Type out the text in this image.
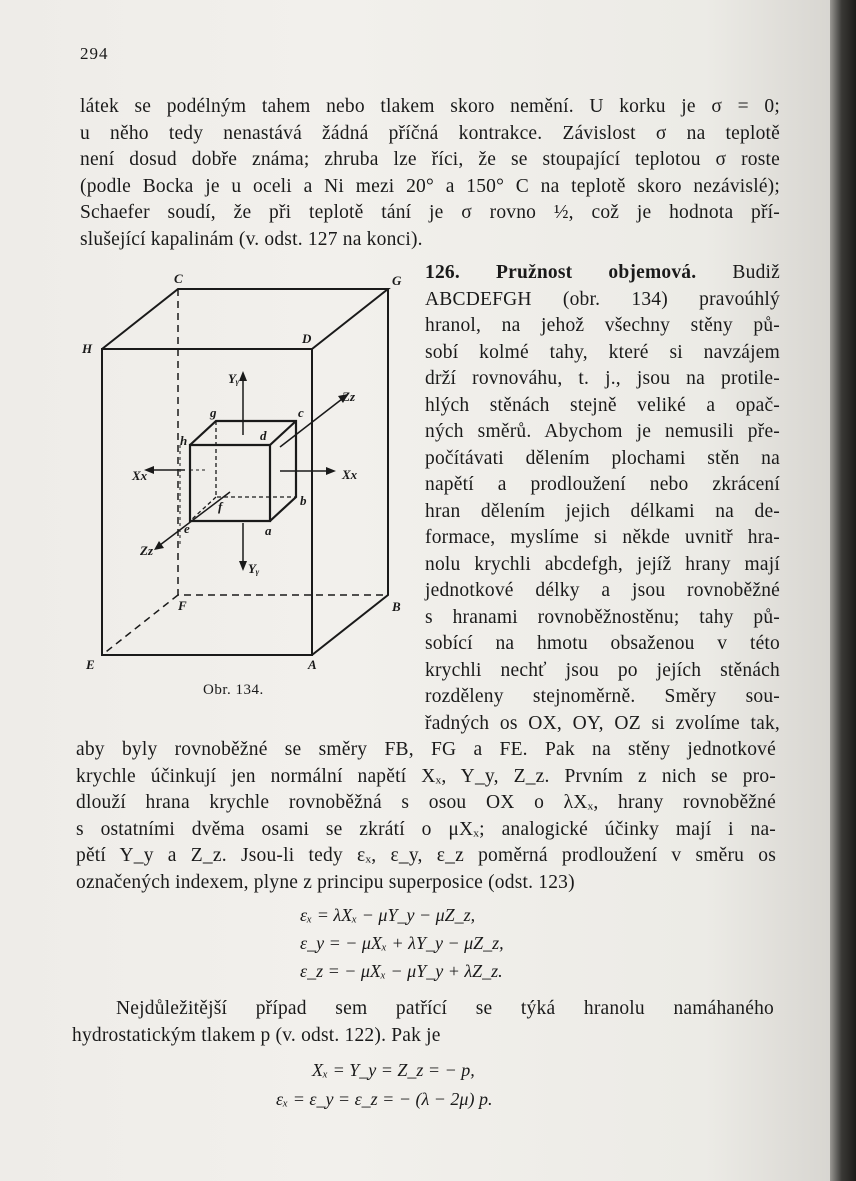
294
látek se podélným tahem nebo tlakem skoro nemění. U korku je σ = 0;
u něho tedy nenastává žádná příčná kontrakce. Závislost σ na teplotě
není dosud dobře známa; zhruba lze říci, že se stoupající teplotou σ roste
(podle Bocka je u oceli a Ni mezi 20° a 150° C na teplotě skoro nezávislé);
Schaefer soudí, že při teplotě tání je σ rovno ½, což je hodnota pří-
slušející kapalinám (v. odst. 127 na konci).
C	G
H
D
F	B
E	A
Yᵧ
Yᵧ
Zz
Zz
Xx	Xx
a
b
c
d
e
f
g
h
Obr. 134.
126. Pružnost objemová. Budiž
ABCDEFGH (obr. 134) pravoúhlý
hranol, na jehož všechny stěny pů-
sobí kolmé tahy, které si navzájem
drží rovnováhu, t. j., jsou na protile-
hlých stěnách stejně veliké a opač-
ných směrů. Abychom je nemusili pře-
počítávati dělením plochami stěn na
napětí a prodloužení nebo zkrácení
hran dělením jejich délkami na de-
formace, myslíme si někde uvnitř hra-
nolu krychli abcdefgh, jejíž hrany mají
jednotkové délky a jsou rovnoběžné
s hranami rovnoběžnostěnu; tahy pů-
sobící na hmotu obsaženou v této
krychli nechť jsou po jejích stěnách
rozděleny stejnoměrně. Směry sou-
řadných os OX, OY, OZ si zvolíme tak,
aby byly rovnoběžné se směry FB, FG a FE. Pak na stěny jednotkové
krychle účinkují jen normální napětí Xₓ, Y_y, Z_z. Prvním z nich se pro-
dlouží hrana krychle rovnoběžná s osou OX o λXₓ, hrany rovnoběžné
s ostatními dvěma osami se zkrátí o μXₓ; analogické účinky mají i na-
pětí Y_y a Z_z. Jsou-li tedy εₓ, ε_y, ε_z poměrná prodloužení v směru os
označených indexem, plyne z principu superposice (odst. 123)
εₓ = λXₓ − μY_y − μZ_z,
ε_y = − μXₓ + λY_y − μZ_z,
ε_z = − μXₓ − μY_y + λZ_z.
Nejdůležitější případ sem patřící se týká hranolu namáhaného
hydrostatickým tlakem p (v. odst. 122). Pak je
Xₓ = Y_y = Z_z = − p,
εₓ = ε_y = ε_z = − (λ − 2μ) p.
